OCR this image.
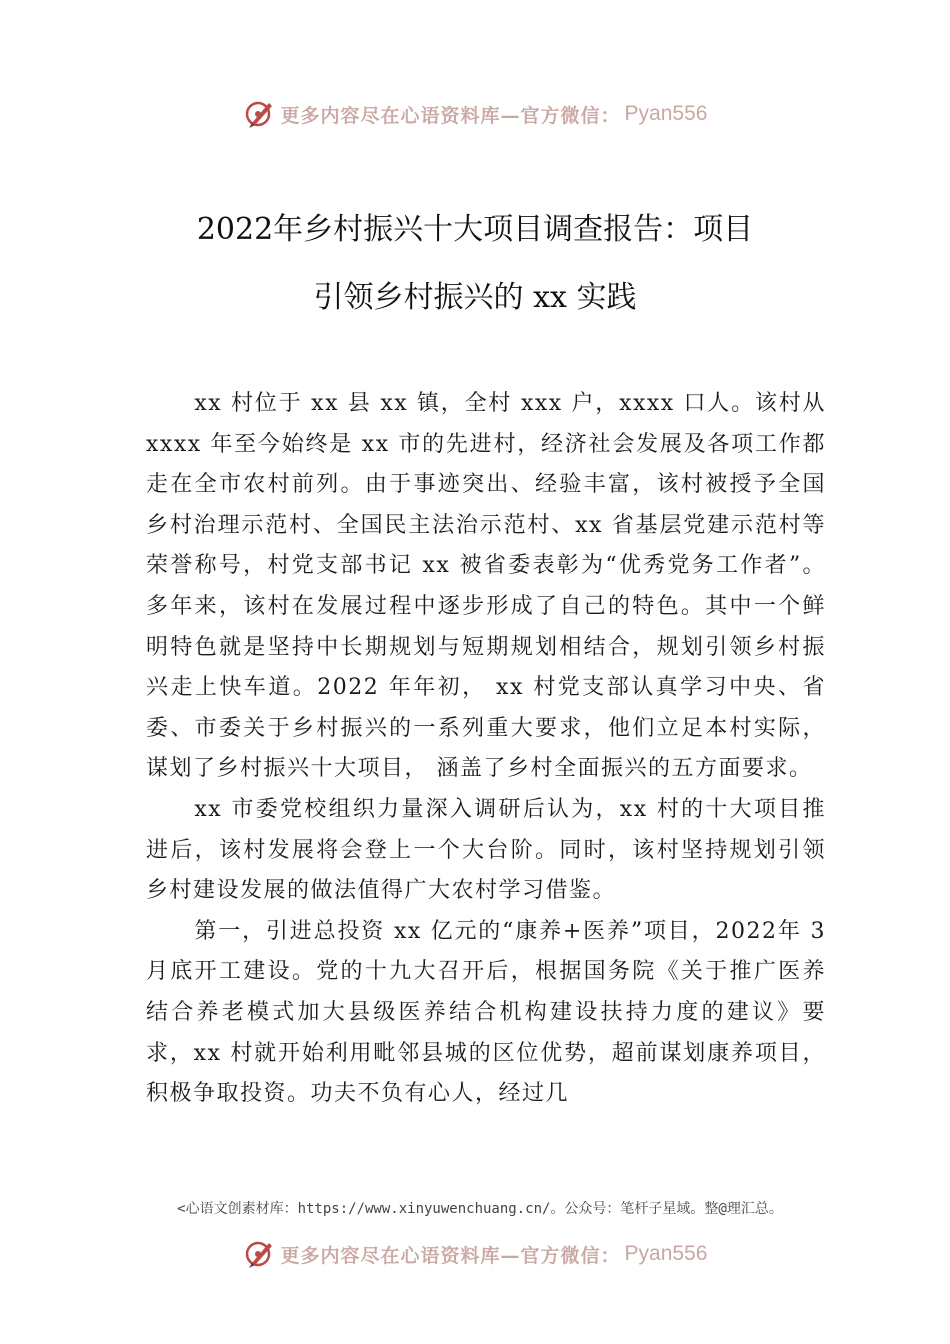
更多内容尽在心语资料库—官方微信： Pyan556
2022年乡村振兴十大项目调查报告：项目
引领乡村振兴的 xx 实践

xx 村位于 xx 县 xx 镇，全村 xxx 户，xxxx 口人。该村从 xxxx 年至今始终是 xx 市的先进村，经济社会发展及各项工作都走在全市农村前列。由于事迹突出、经验丰富，该村被授予全国乡村治理示范村、全国民主法治示范村、xx 省基层党建示范村等荣誉称号，村党支部书记 xx 被省委表彰为“优秀党务工作者”。多年来，该村在发展过程中逐步形成了自己的特色。其中一个鲜明特色就是坚持中长期规划与短期规划相结合，规划引领乡村振兴走上快车道。2022 年年初， xx 村党支部认真学习中央、省委、市委关于乡村振兴的一系列重大要求，他们立足本村实际，谋划了乡村振兴十大项目， 涵盖了乡村全面振兴的五方面要求。

xx 市委党校组织力量深入调研后认为，xx 村的十大项目推进后，该村发展将会登上一个大台阶。同时，该村坚持规划引领乡村建设发展的做法值得广大农村学习借鉴。

第一，引进总投资 xx 亿元的“康养+医养”项目，2022年 3 月底开工建设。党的十九大召开后，根据国务院《关于推广医养结合养老模式加大县级医养结合机构建设扶持力度的建议》要求，xx 村就开始利用毗邻县城的区位优势，超前谋划康养项目，积极争取投资。功夫不负有心人，经过几

<心语文创素材库：https://www.xinyuwenchuang.cn/。公众号：笔杆子星域。整@理汇总。
更多内容尽在心语资料库—官方微信： Pyan556
